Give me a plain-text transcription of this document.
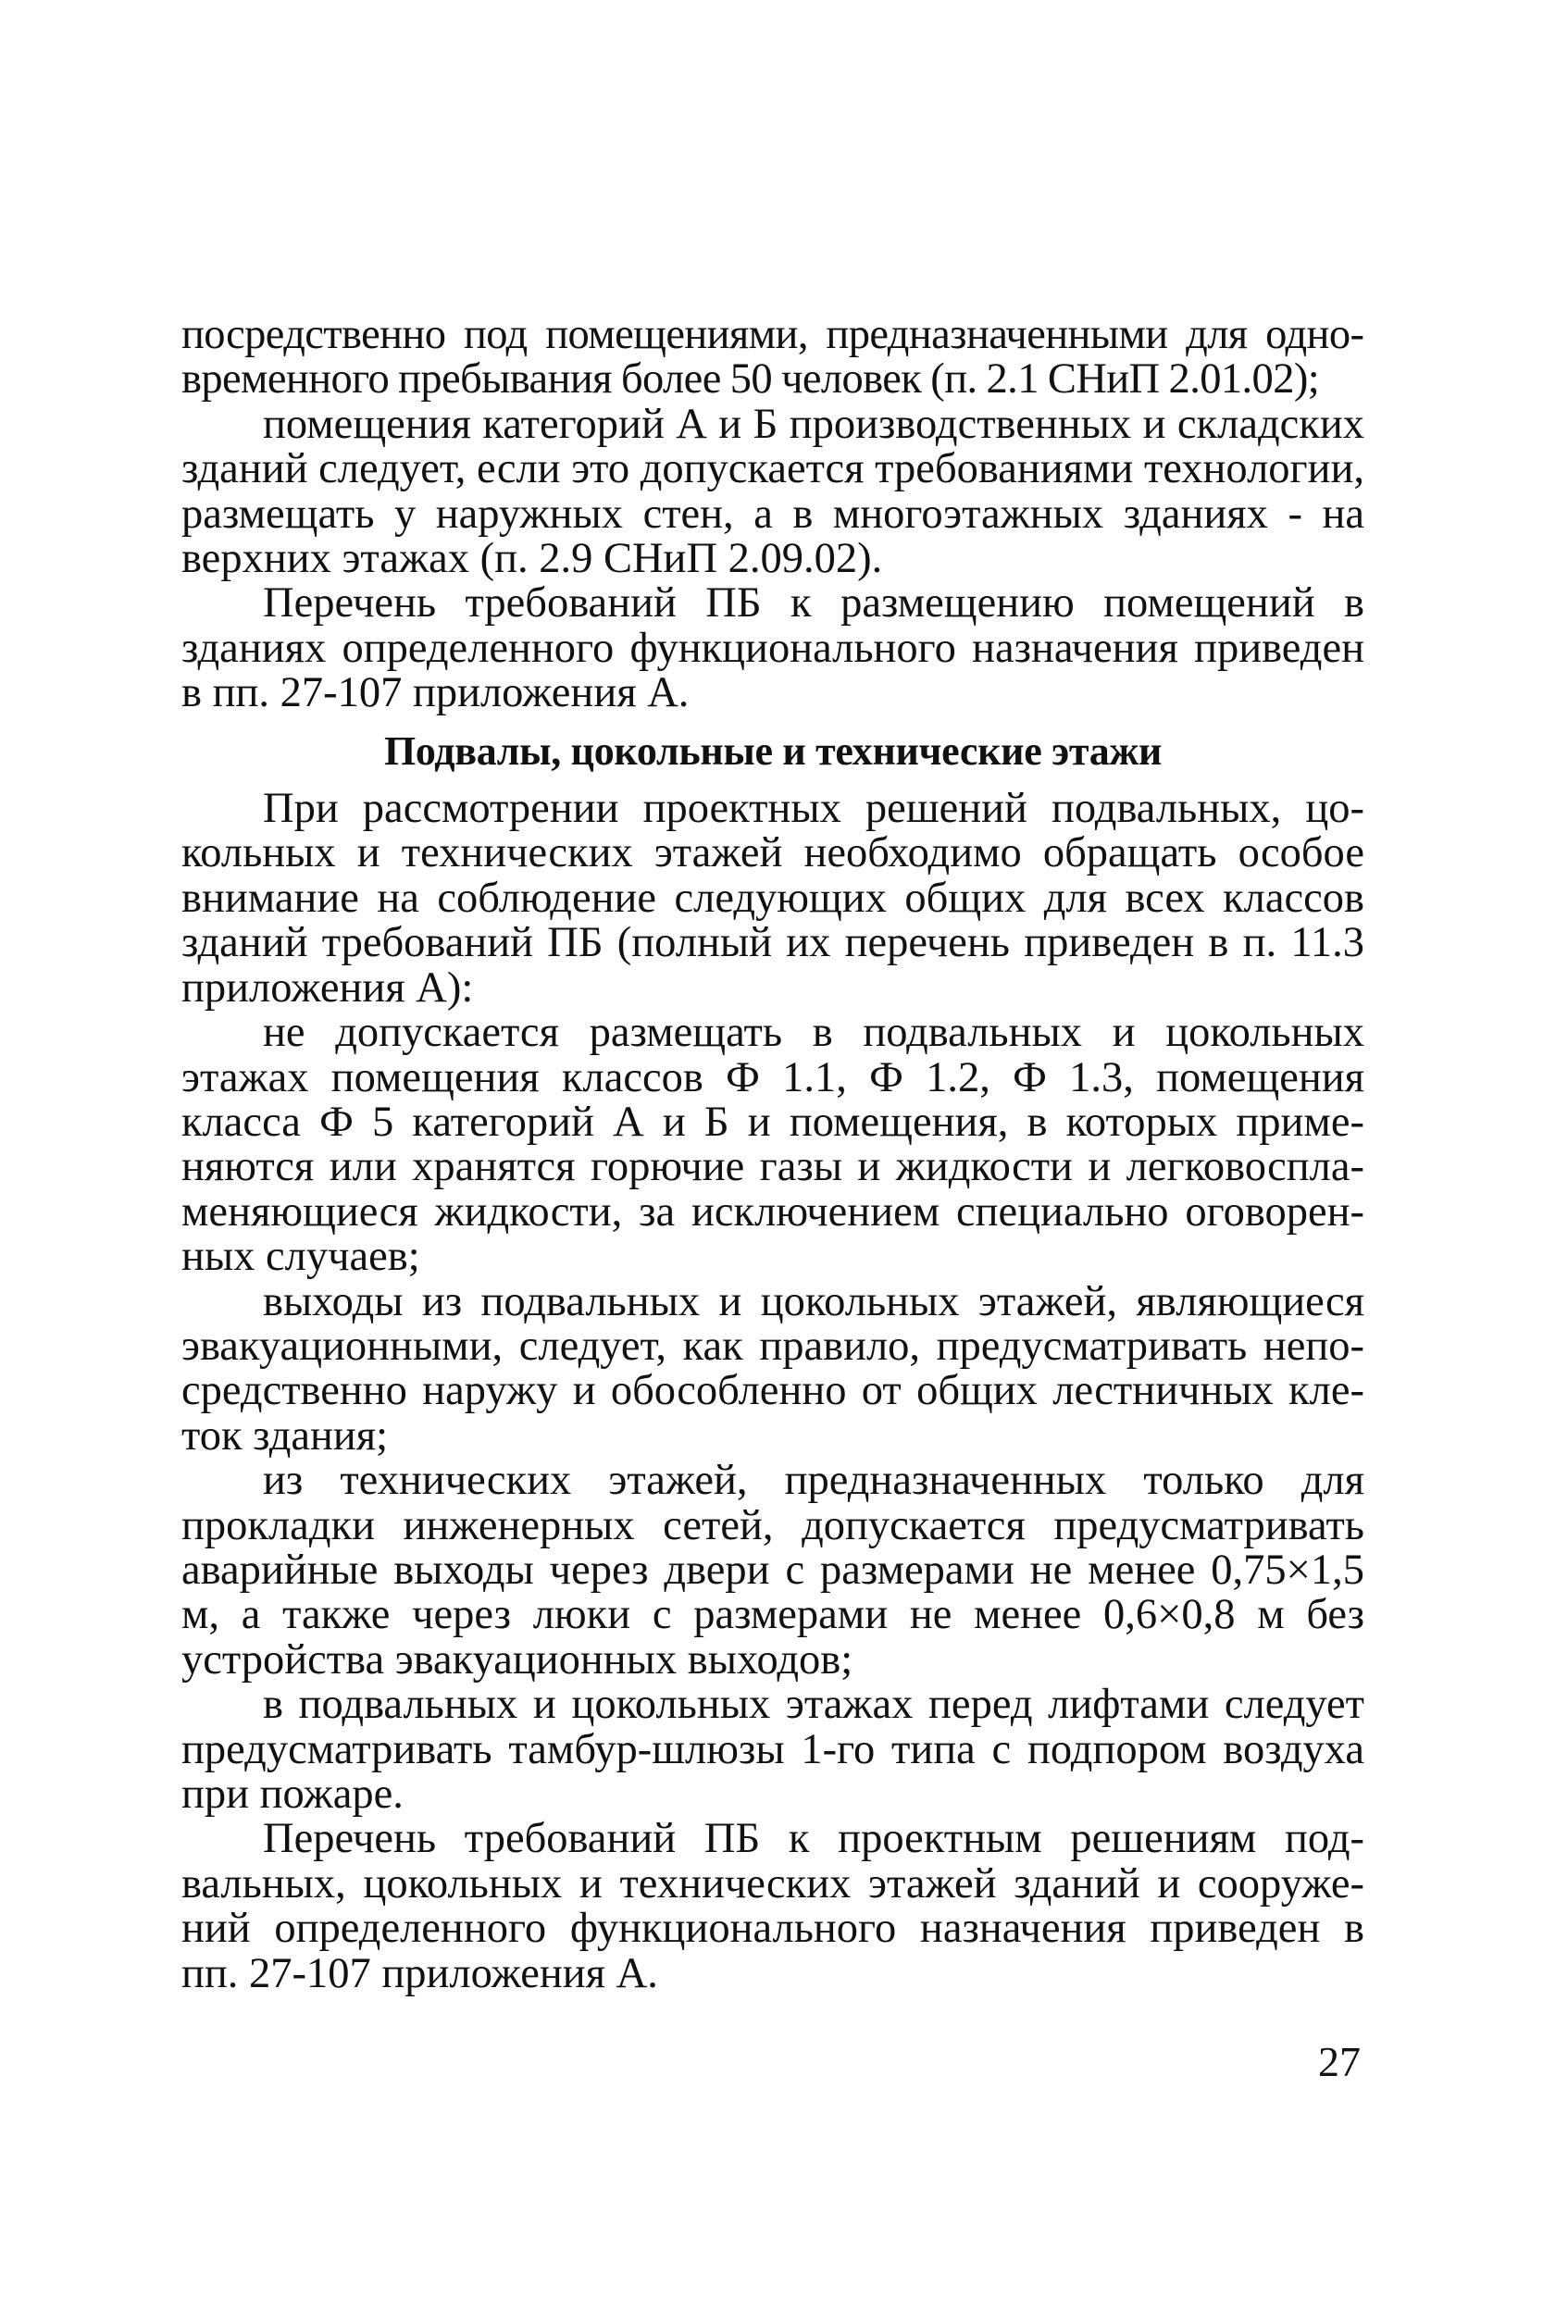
посредственно под помещениями, предназначенными для одновременного пребывания более 50 человек (п. 2.1 СНиП 2.01.02);

помещения категорий А и Б производственных и складских зданий следует, если это допускается требованиями технологии, размещать у наружных стен, а в многоэтажных зданиях - на верхних этажах (п. 2.9 СНиП 2.09.02).

Перечень требований ПБ к размещению помещений в зданиях определенного функционального назначения приведен в пп. 27-107 приложения А.

Подвалы, цокольные и технические этажи

При рассмотрении проектных решений подвальных, цокольных и технических этажей необходимо обращать особое внимание на соблюдение следующих общих для всех классов зданий требований ПБ (полный их перечень приведен в п. 11.3 приложения А):

не допускается размещать в подвальных и цокольных этажах помещения классов Ф 1.1, Ф 1.2, Ф 1.3, помещения класса Ф 5 категорий А и Б и помещения, в которых применяются или хранятся горючие газы и жидкости и легковоспламеняющиеся жидкости, за исключением специально оговоренных случаев;

выходы из подвальных и цокольных этажей, являющиеся эвакуационными, следует, как правило, предусматривать непосредственно наружу и обособленно от общих лестничных клеток здания;

из технических этажей, предназначенных только для прокладки инженерных сетей, допускается предусматривать аварийные выходы через двери с размерами не менее 0,75×1,5 м, а также через люки с размерами не менее 0,6×0,8 м без устройства эвакуационных выходов;

в подвальных и цокольных этажах перед лифтами следует предусматривать тамбур-шлюзы 1-го типа с подпором воздуха при пожаре.

Перечень требований ПБ к проектным решениям подвальных, цокольных и технических этажей зданий и сооружений определенного функционального назначения приведен в пп. 27-107 приложения А.

27
